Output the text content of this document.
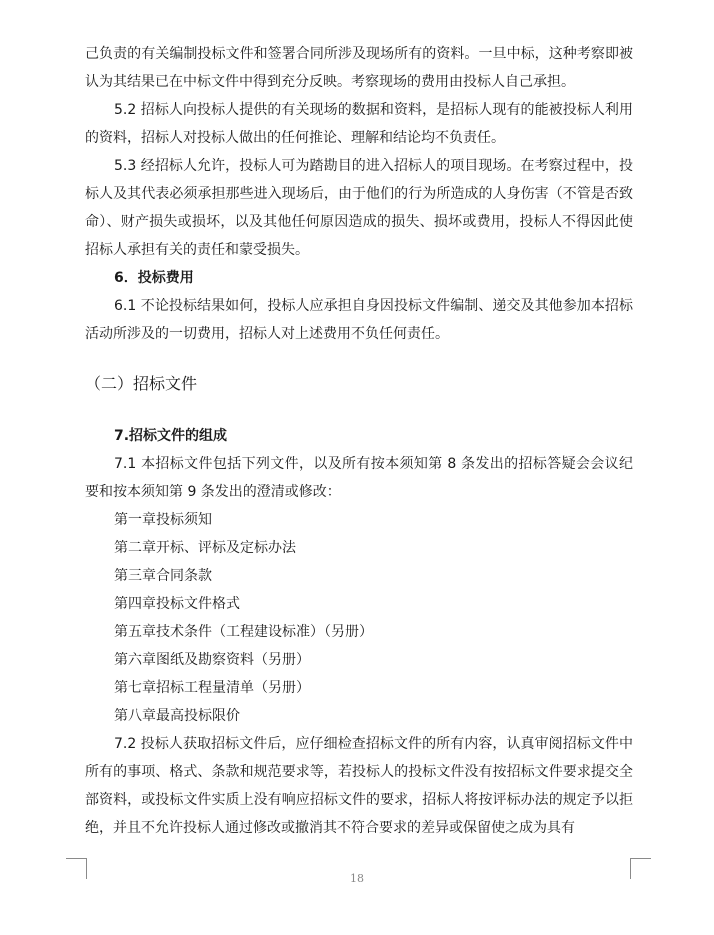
己负责的有关编制投标文件和签署合同所涉及现场所有的资料。一旦中标，这种考察即被认为其结果已在中标文件中得到充分反映。考察现场的费用由投标人自己承担。

5.2 招标人向投标人提供的有关现场的数据和资料，是招标人现有的能被投标人利用的资料，招标人对投标人做出的任何推论、理解和结论均不负责任。

5.3 经招标人允许，投标人可为踏勘目的进入招标人的项目现场。在考察过程中，投标人及其代表必须承担那些进入现场后，由于他们的行为所造成的人身伤害（不管是否致命）、财产损失或损坏，以及其他任何原因造成的损失、损坏或费用，投标人不得因此使招标人承担有关的责任和蒙受损失。

6．投标费用

6.1 不论投标结果如何，投标人应承担自身因投标文件编制、递交及其他参加本招标活动所涉及的一切费用，招标人对上述费用不负任何责任。

（二）招标文件

7.招标文件的组成

7.1 本招标文件包括下列文件，以及所有按本须知第 8 条发出的招标答疑会会议纪要和按本须知第 9 条发出的澄清或修改：

第一章投标须知

第二章开标、评标及定标办法

第三章合同条款

第四章投标文件格式

第五章技术条件（工程建设标准）（另册）

第六章图纸及勘察资料（另册）

第七章招标工程量清单（另册）

第八章最高投标限价

7.2 投标人获取招标文件后，应仔细检查招标文件的所有内容，认真审阅招标文件中所有的事项、格式、条款和规范要求等，若投标人的投标文件没有按招标文件要求提交全部资料，或投标文件实质上没有响应招标文件的要求，招标人将按评标办法的规定予以拒绝，并且不允许投标人通过修改或撤消其不符合要求的差异或保留使之成为具有

18
